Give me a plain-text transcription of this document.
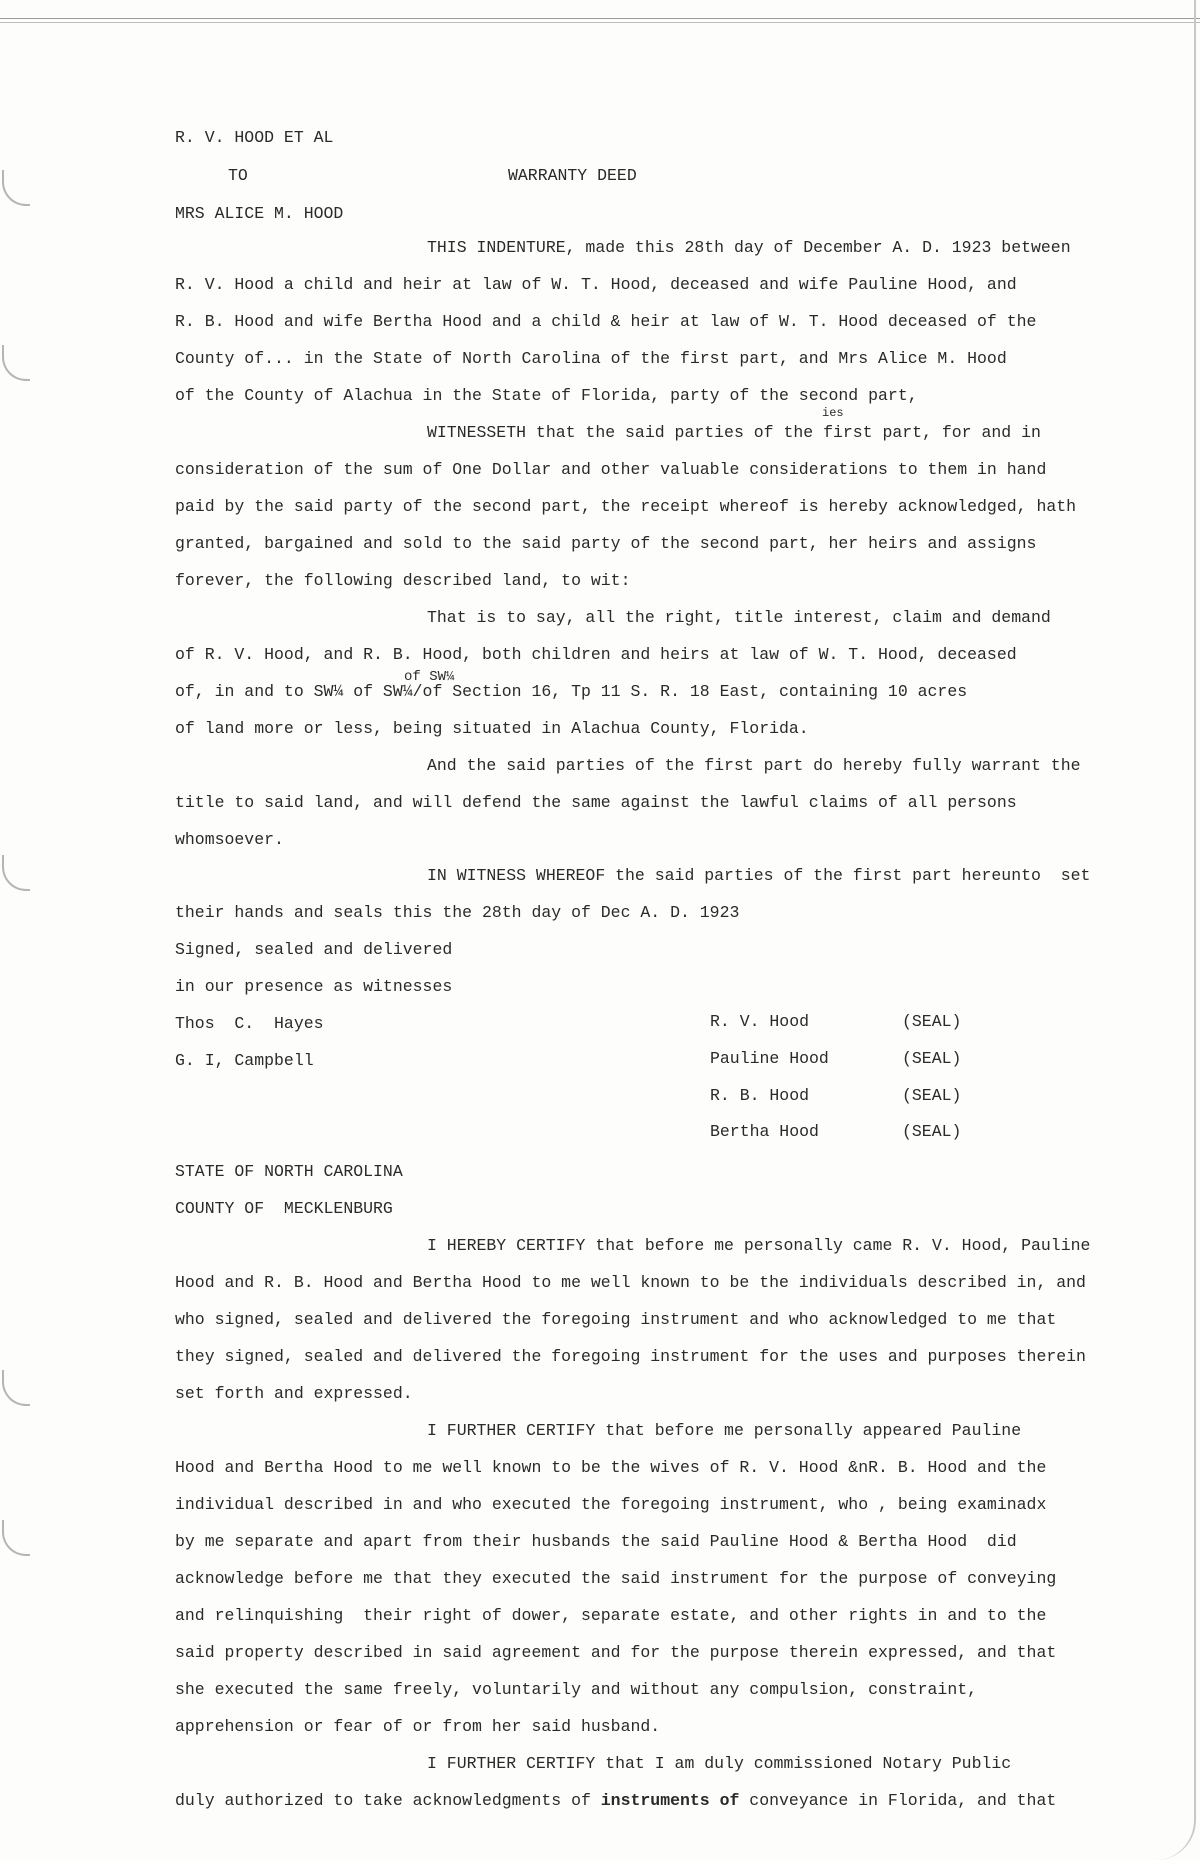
R. V. HOOD ET AL
TO	WARRANTY DEED
MRS ALICE M. HOOD
THIS INDENTURE, made this 28th day of December A. D. 1923 between
R. V. Hood a child and heir at law of W. T. Hood, deceased and wife Pauline Hood, and
R. B. Hood and wife Bertha Hood and a child & heir at law of W. T. Hood deceased of the
County of... in the State of North Carolina of the first part, and Mrs Alice M. Hood
of the County of Alachua in the State of Florida, party of the second part,
ies
WITNESSETH that the said parties of the first part, for and in
consideration of the sum of One Dollar and other valuable considerations to them in hand
paid by the said party of the second part, the receipt whereof is hereby acknowledged, hath
granted, bargained and sold to the said party of the second part, her heirs and assigns
forever, the following described land, to wit:
That is to say, all the right, title interest, claim and demand
of R. V. Hood, and R. B. Hood, both children and heirs at law of W. T. Hood, deceased
of SW¼
of, in and to SW¼ of SW¼/of Section 16, Tp 11 S. R. 18 East, containing 10 acres
of land more or less, being situated in Alachua County, Florida.
And the said parties of the first part do hereby fully warrant the
title to said land, and will defend the same against the lawful claims of all persons
whomsoever.
IN WITNESS WHEREOF the said parties of the first part hereunto  set
their hands and seals this the 28th day of Dec A. D. 1923
Signed, sealed and delivered
in our presence as witnesses
Thos  C.  Hayes
G. I, Campbell
R. V. Hood	(SEAL)
Pauline Hood	(SEAL)
R. B. Hood	(SEAL)
Bertha Hood	(SEAL)
STATE OF NORTH CAROLINA
COUNTY OF  MECKLENBURG
I HEREBY CERTIFY that before me personally came R. V. Hood, Pauline
Hood and R. B. Hood and Bertha Hood to me well known to be the individuals described in, and
who signed, sealed and delivered the foregoing instrument and who acknowledged to me that
they signed, sealed and delivered the foregoing instrument for the uses and purposes therein
set forth and expressed.
I FURTHER CERTIFY that before me personally appeared Pauline
Hood and Bertha Hood to me well known to be the wives of R. V. Hood &nR. B. Hood and the
individual described in and who executed the foregoing instrument, who , being examinadx
by me separate and apart from their husbands the said Pauline Hood & Bertha Hood  did
acknowledge before me that they executed the said instrument for the purpose of conveying
and relinquishing  their right of dower, separate estate, and other rights in and to the
said property described in said agreement and for the purpose therein expressed, and that
she executed the same freely, voluntarily and without any compulsion, constraint,
apprehension or fear of or from her said husband.
I FURTHER CERTIFY that I am duly commissioned Notary Public
duly authorized to take acknowledgments of instruments of conveyance in Florida, and that
